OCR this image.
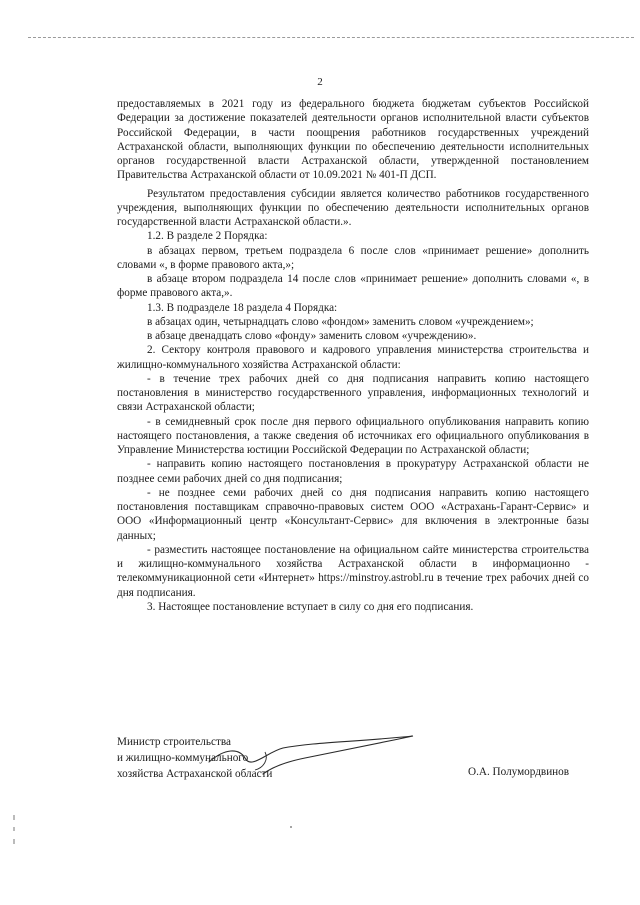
2

предоставляемых в 2021 году из федерального бюджета бюджетам субъектов Российской Федерации за достижение показателей деятельности органов исполнительной власти субъектов Российской Федерации, в части поощрения работников государственных учреждений Астраханской области, выполняющих функции по обеспечению деятельности исполнительных органов государственной власти Астраханской области, утвержденной постановлением Правительства Астраханской области от 10.09.2021 № 401-П ДСП.

Результатом предоставления субсидии является количество работников государственного учреждения, выполняющих функции по обеспечению деятельности исполнительных органов государственной власти Астраханской области.».

1.2. В разделе 2 Порядка:

в абзацах первом, третьем подраздела 6 после слов «принимает решение» дополнить словами «, в форме правового акта,»;

в абзаце втором подраздела 14 после слов «принимает решение» дополнить словами «, в форме правового акта,».

1.3. В подразделе 18 раздела 4 Порядка:

в абзацах один, четырнадцать слово «фондом» заменить словом «учреждением»;

в абзаце двенадцать слово «фонду» заменить словом «учреждению».

2. Сектору контроля правового и кадрового управления министерства строительства и жилищно-коммунального хозяйства Астраханской области:

- в течение трех рабочих дней со дня подписания направить копию настоящего постановления в министерство государственного управления, информационных технологий и связи Астраханской области;

- в семидневный срок после дня первого официального опубликования направить копию настоящего постановления, а также сведения об источниках его официального опубликования в Управление Министерства юстиции Российской Федерации по Астраханской области;

- направить копию настоящего постановления в прокуратуру Астраханской области не позднее семи рабочих дней со дня подписания;

- не позднее семи рабочих дней со дня подписания направить копию настоящего постановления поставщикам справочно-правовых систем ООО «Астрахань-Гарант-Сервис» и ООО «Информационный центр «Консультант-Сервис» для включения в электронные базы данных;

- разместить настоящее постановление на официальном сайте министерства строительства и жилищно-коммунального хозяйства Астраханской области в информационно - телекоммуникационной сети «Интернет» https://minstroy.astrobl.ru в течение трех рабочих дней со дня подписания.

3. Настоящее постановление вступает в силу со дня его подписания.

Министр строительства
и жилищно-коммунального
хозяйства Астраханской области	О.А. Полумордвинов
